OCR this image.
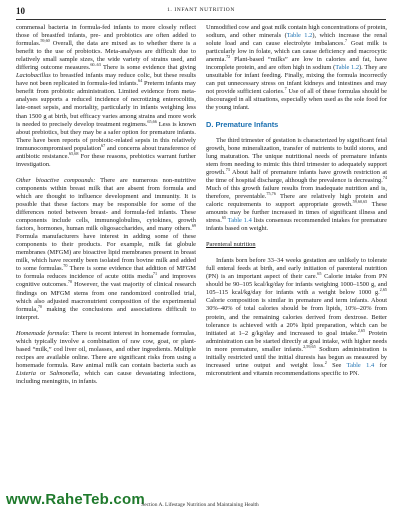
10	1. INFANT NUTRITION

commensal bacteria in formula-fed infants to more closely reflect those of breastfed infants, pre- and probiotics are often added to formulas.$^{59,60}$ Overall, the data are mixed as to whether there is a benefit to the use of probiotics. Meta-analyses are difficult due to relatively small sample sizes, the wide variety of strains used, and differing outcome measures.$^{60-63}$ There is some evidence that giving Lactobacillus to breastfed infants may reduce colic, but these results have not been replicated in formula-fed infants.$^{64}$ Preterm infants may benefit from probiotic administration. Limited evidence from meta-analyses supports a reduced incidence of necrotizing enterocolitis, late-onset sepsis, and mortality, particularly in infants weighing less than 1500 g at birth, but efficacy varies among strains and more work is needed to precisely develop treatment regimens.$^{65,66}$ Less is known about prebiotics, but they may be a safer option for premature infants. There have been reports of probiotic-related sepsis in this relatively immunocompromised population$^{67}$ and concerns about transference of antibiotic resistance.$^{65,68}$ For these reasons, prebiotics warrant further investigation.

Other bioactive compounds: There are numerous non-nutritive components within breast milk that are absent from formula and which are thought to influence development and immunity. It is possible that these factors may be responsible for some of the differences noted between breast- and formula-fed infants. These components include cells, immunoglobulins, cytokines, growth factors, hormones, human milk oligosaccharides, and many others.$^{69}$ Formula manufacturers have interest in adding some of these components to their products. For example, milk fat globule membranes (MFGM) are bioactive lipid membranes present in breast milk, which have recently been isolated from bovine milk and added to some formulas.$^{70}$ There is some evidence that addition of MFGM to formula reduces incidence of acute otitis media$^{71}$ and improves cognitive outcomes.$^{70}$ However, the vast majority of clinical research findings on MFGM stems from one randomized controlled trial, which also adjusted macronutrient composition of the experimental formula,$^{70}$ making the conclusions and associations difficult to interpret.

Homemade formula: There is recent interest in homemade formulas, which typically involve a combination of raw cow, goat, or plant-based “milk,” cod liver oil, molasses, and other ingredients. Multiple recipes are available online. There are significant risks from using a homemade formula. Raw animal milk can contain bacteria such as Listeria or Salmonella, which can cause devastating infections, including meningitis, in infants.

Unmodified cow and goat milk contain high concentrations of protein, sodium, and other minerals (Table 1.2), which increase the renal solute load and can cause electrolyte imbalances.$^7$ Goat milk is particularly low in folate, which can cause deficiency and macrocytic anemia.$^{72}$ Plant-based “milks” are low in calories and fat, have incomplete protein, and are often high in sodium (Table 1.2). They are unsuitable for infant feeding. Finally, mixing the formula incorrectly can put unnecessary stress on infant kidneys and intestines and may not provide sufficient calories.$^7$ Use of all of these formulas should be discouraged in all situations, especially when used as the sole food for the young infant.

D. Premature Infants

The third trimester of gestation is characterized by significant fetal growth, bone mineralization, transfer of nutrients to build stores, and lung maturation. The unique nutritional needs of premature infants stem from needing to mimic this third trimester to adequately support growth.$^{73}$ About half of premature infants have growth restriction at the time of hospital discharge, although the prevalence is decreasing.$^{74}$ Much of this growth failure results from inadequate nutrition and is, therefore, preventable.$^{75,76}$ There are relatively high protein and caloric requirements to support appropriate growth.$^{59,60,65}$ These amounts may be further increased in times of significant illness and stress.$^{65}$ Table 1.4 lists consensus recommended intakes for premature infants based on weight.

Parenteral nutrition

Infants born before 33–34 weeks gestation are unlikely to tolerate full enteral feeds at birth, and early initiation of parenteral nutrition (PN) is an important aspect of their care.$^{65}$ Calorie intake from PN should be 90–105 kcal/kg/day for infants weighing 1000–1500 g, and 105–115 kcal/kg/day for infants with a weight below 1000 g.$^{2,65}$ Calorie composition is similar in premature and term infants. About 30%–40% of total calories should be from lipids, 10%–20% from protein, and the remaining calories derived from dextrose. Better tolerance is achieved with a 20% lipid preparation, which can be initiated at 1–2 g/kg/day and increased to goal intake.$^{2,65}$ Protein administration can be started directly at goal intake, with higher needs in more premature, smaller infants.$^{2,59,65}$ Sodium administration is initially restricted until the initial diuresis has begun as measured by increased urine output and weight loss.$^2$ See Table 1.4 for micronutrient and vitamin recommendations specific to PN.

www.RaheTeb.com
Section A. Lifestage Nutrition and Maintaining Health
